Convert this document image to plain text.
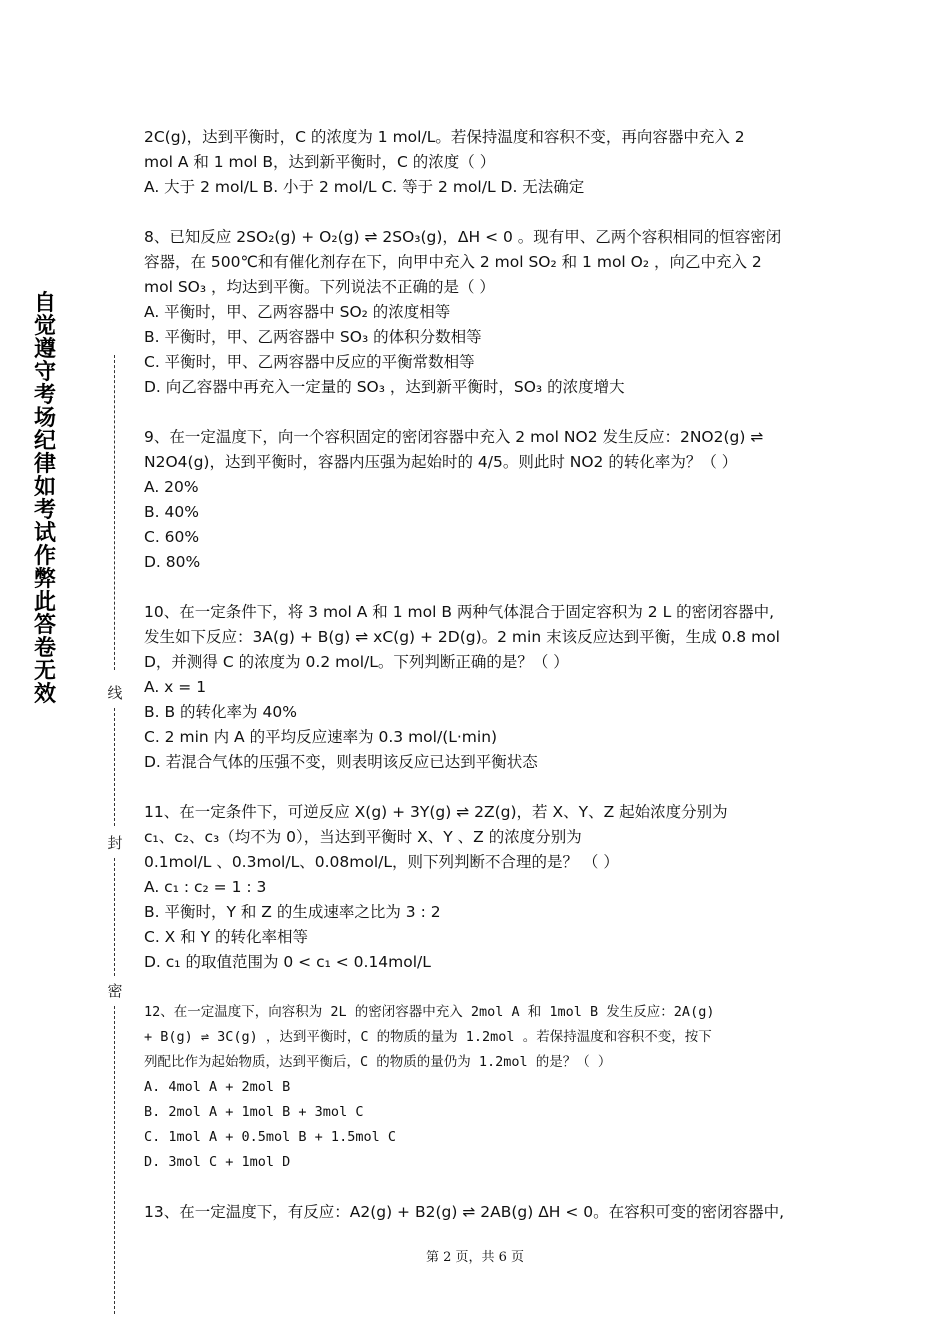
自
觉
遵
守
考
场
纪
律
如
考
试
作
弊
此
答
卷
无
效	线
封
密
2C(g)，达到平衡时，C 的浓度为 1 mol/L。若保持温度和容积不变，再向容器中充入 2
mol A 和 1 mol B，达到新平衡时，C 的浓度（ ）
A. 大于 2 mol/L B. 小于 2 mol/L C. 等于 2 mol/L D. 无法确定
8、已知反应 2SO₂(g) + O₂(g) ⇌ 2SO₃(g)，ΔH < 0 。现有甲、乙两个容积相同的恒容密闭
容器，在 500℃和有催化剂存在下，向甲中充入 2 mol SO₂ 和 1 mol O₂ ，向乙中充入 2
mol SO₃ ，均达到平衡。下列说法不正确的是（ ）
A. 平衡时，甲、乙两容器中 SO₂ 的浓度相等
B. 平衡时，甲、乙两容器中 SO₃ 的体积分数相等
C. 平衡时，甲、乙两容器中反应的平衡常数相等
D. 向乙容器中再充入一定量的 SO₃ ，达到新平衡时，SO₃ 的浓度增大
9、在一定温度下，向一个容积固定的密闭容器中充入 2 mol NO2 发生反应：2NO2(g) ⇌
N2O4(g)，达到平衡时，容器内压强为起始时的 4/5。则此时 NO2 的转化率为？（ ）
A. 20%
B. 40%
C. 60%
D. 80%
10、在一定条件下，将 3 mol A 和 1 mol B 两种气体混合于固定容积为 2 L 的密闭容器中,
发生如下反应：3A(g) + B(g) ⇌ xC(g) + 2D(g)。2 min 末该反应达到平衡，生成 0.8 mol
D，并测得 C 的浓度为 0.2 mol/L。下列判断正确的是？（ ）
A. x = 1
B. B 的转化率为 40%
C. 2 min 内 A 的平均反应速率为 0.3 mol/(L·min)
D. 若混合气体的压强不变，则表明该反应已达到平衡状态
11、在一定条件下，可逆反应 X(g) + 3Y(g) ⇌ 2Z(g)，若 X、Y、Z 起始浓度分别为
c₁、c₂、c₃（均不为 0），当达到平衡时 X、Y 、Z 的浓度分别为
0.1mol/L 、0.3mol/L、0.08mol/L，则下列判断不合理的是？ （ ）
A. c₁ : c₂ = 1 : 3
B. 平衡时，Y 和 Z 的生成速率之比为 3 : 2
C. X 和 Y 的转化率相等
D. c₁ 的取值范围为 0 < c₁ < 0.14mol/L
12、在一定温度下，向容积为 2L 的密闭容器中充入 2mol A 和 1mol B 发生反应：2A(g)
+ B(g) ⇌ 3C(g) ，达到平衡时，C 的物质的量为 1.2mol 。若保持温度和容积不变，按下
列配比作为起始物质，达到平衡后，C 的物质的量仍为 1.2mol 的是？（ ）
A. 4mol A + 2mol B
B. 2mol A + 1mol B + 3mol C
C. 1mol A + 0.5mol B + 1.5mol C
D. 3mol C + 1mol D
13、在一定温度下，有反应：A2(g) + B2(g) ⇌ 2AB(g) ΔH < 0。在容积可变的密闭容器中,
第 2 页，共 6 页
